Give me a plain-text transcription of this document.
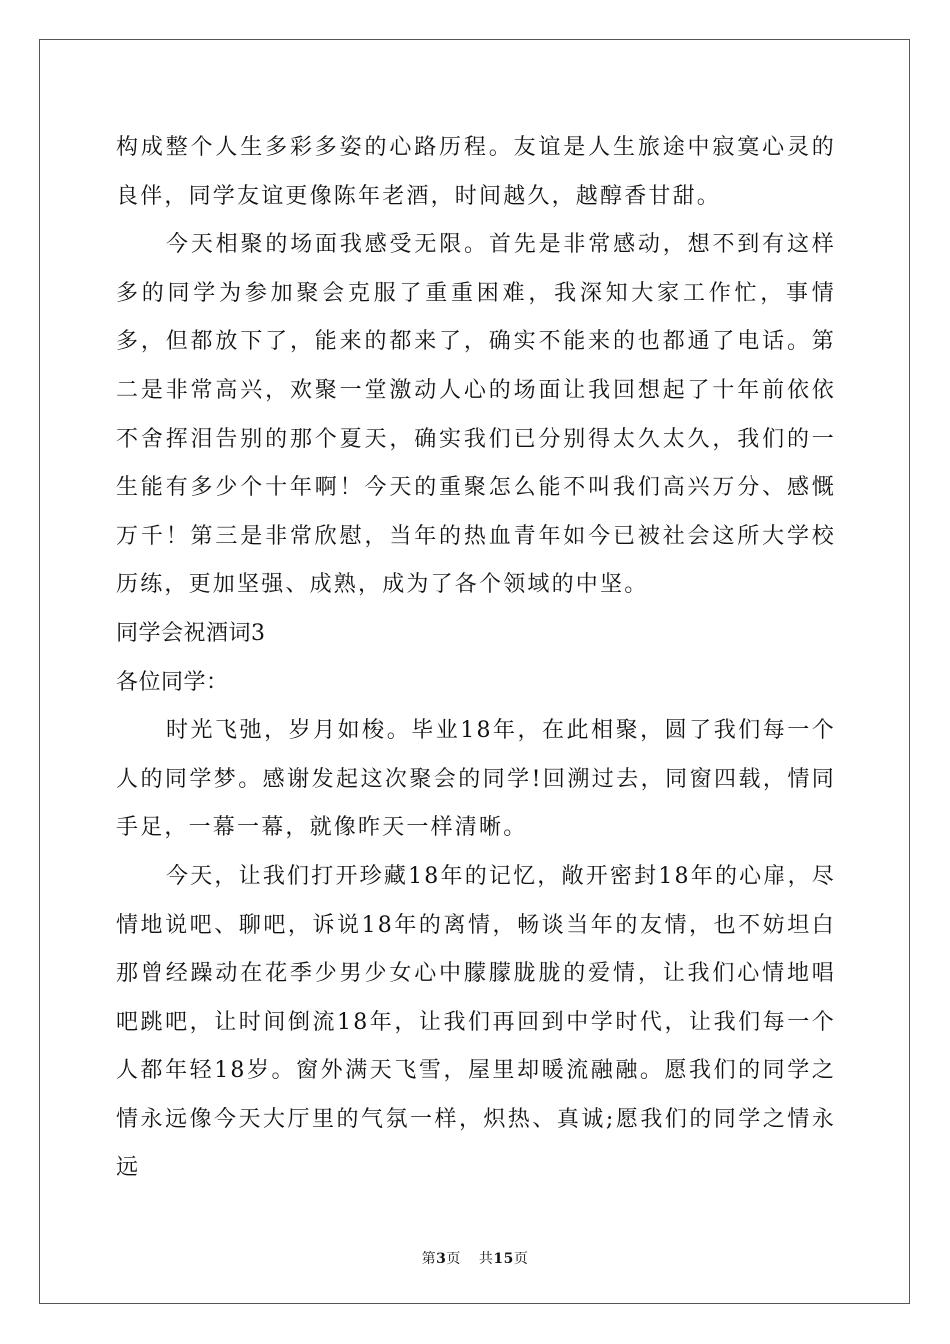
构成整个人生多彩多姿的心路历程。友谊是人生旅途中寂寞心灵的良伴，同学友谊更像陈年老酒，时间越久，越醇香甘甜。

今天相聚的场面我感受无限。首先是非常感动，想不到有这样多的同学为参加聚会克服了重重困难，我深知大家工作忙，事情多，但都放下了，能来的都来了，确实不能来的也都通了电话。第二是非常高兴，欢聚一堂激动人心的场面让我回想起了十年前依依不舍挥泪告别的那个夏天，确实我们已分别得太久太久，我们的一生能有多少个十年啊！今天的重聚怎么能不叫我们高兴万分、感慨万千！第三是非常欣慰，当年的热血青年如今已被社会这所大学校历练，更加坚强、成熟，成为了各个领域的中坚。

同学会祝酒词3

各位同学：

时光飞弛，岁月如梭。毕业18年，在此相聚，圆了我们每一个人的同学梦。感谢发起这次聚会的同学!回溯过去，同窗四载，情同手足，一幕一幕，就像昨天一样清晰。

今天，让我们打开珍藏18年的记忆，敞开密封18年的心扉，尽情地说吧、聊吧，诉说18年的离情，畅谈当年的友情，也不妨坦白那曾经躁动在花季少男少女心中朦朦胧胧的爱情，让我们心情地唱吧跳吧，让时间倒流18年，让我们再回到中学时代，让我们每一个人都年轻18岁。窗外满天飞雪，屋里却暖流融融。愿我们的同学之情永远像今天大厅里的气氛一样，炽热、真诚;愿我们的同学之情永远

第3页 共15页
